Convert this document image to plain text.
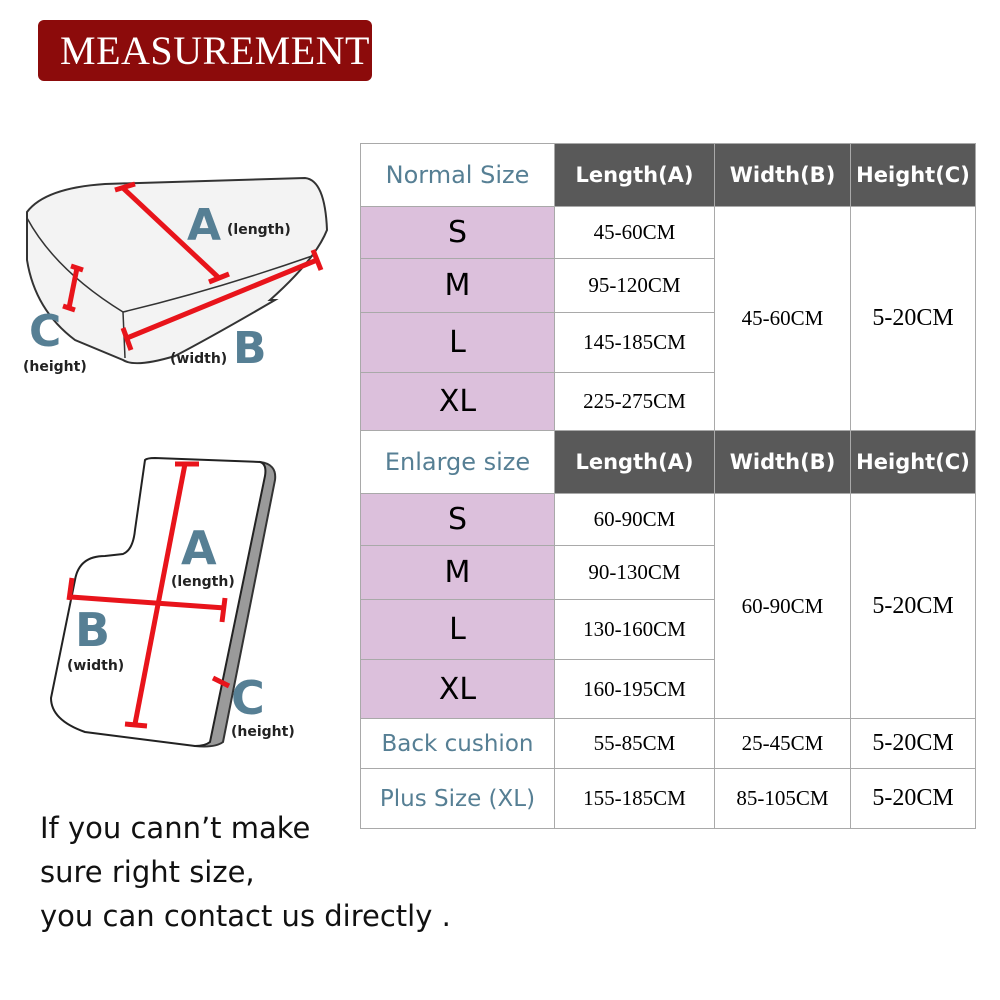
MEASUREMENT
A (length)
B
(width)
C
(height)
A
(length)
B
(width)
C
(height)
Normal Size	Length(A)	Width(B)	Height(C)
S	45-60CM	45-60CM	5-20CM
M	95-120CM		
L	145-185CM		
XL	225-275CM		
Enlarge size	Length(A)	Width(B)	Height(C)
S	60-90CM	60-90CM	5-20CM
M	90-130CM		
L	130-160CM		
XL	160-195CM		
Back cushion	55-85CM	25-45CM	5-20CM
Plus Size (XL)	155-185CM	85-105CM	5-20CM
If you cann’t make
sure right size,
you can contact us directly .
